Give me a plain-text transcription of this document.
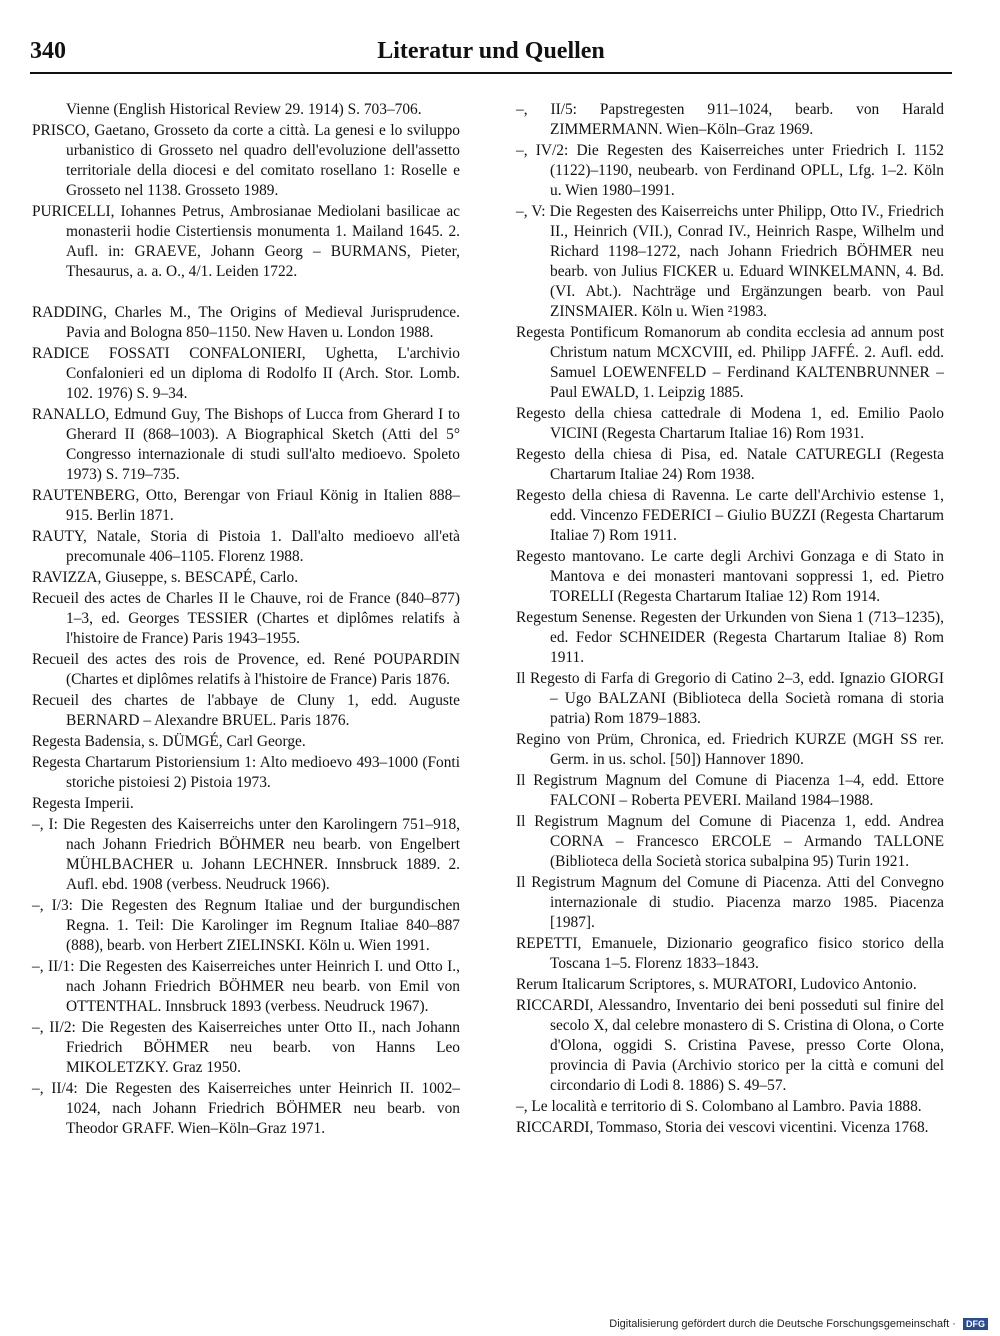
340	Literatur und Quellen
Vienne (English Historical Review 29. 1914) S. 703–706.
PRISCO, Gaetano, Grosseto da corte a città. La genesi e lo sviluppo urbanistico di Grosseto nel quadro dell'evoluzione dell'assetto territoriale della diocesi e del comitato rosellano 1: Roselle e Grosseto nel 1138. Grosseto 1989.
PURICELLI, Iohannes Petrus, Ambrosianae Mediolani basilicae ac monasterii hodie Cistertiensis monumenta 1. Mailand 1645. 2. Aufl. in: GRAEVE, Johann Georg – BURMANS, Pieter, Thesaurus, a. a. O., 4/1. Leiden 1722.
RADDING, Charles M., The Origins of Medieval Jurisprudence. Pavia and Bologna 850–1150. New Haven u. London 1988.
RADICE FOSSATI CONFALONIERI, Ughetta, L'archivio Confalonieri ed un diploma di Rodolfo II (Arch. Stor. Lomb. 102. 1976) S. 9–34.
RANALLO, Edmund Guy, The Bishops of Lucca from Gherard I to Gherard II (868–1003). A Biographical Sketch (Atti del 5° Congresso internazionale di studi sull'alto medioevo. Spoleto 1973) S. 719–735.
RAUTENBERG, Otto, Berengar von Friaul König in Italien 888–915. Berlin 1871.
RAUTY, Natale, Storia di Pistoia 1. Dall'alto medioevo all'età precomunale 406–1105. Florenz 1988.
RAVIZZA, Giuseppe, s. BESCAPÉ, Carlo.
Recueil des actes de Charles II le Chauve, roi de France (840–877) 1–3, ed. Georges TESSIER (Chartes et diplômes relatifs à l'histoire de France) Paris 1943–1955.
Recueil des actes des rois de Provence, ed. René POUPARDIN (Chartes et diplômes relatifs à l'histoire de France) Paris 1876.
Recueil des chartes de l'abbaye de Cluny 1, edd. Auguste BERNARD – Alexandre BRUEL. Paris 1876.
Regesta Badensia, s. DÜMGÉ, Carl George.
Regesta Chartarum Pistoriensium 1: Alto medioevo 493–1000 (Fonti storiche pistoiesi 2) Pistoia 1973.
Regesta Imperii.
–, I: Die Regesten des Kaiserreichs unter den Karolingern 751–918, nach Johann Friedrich BÖHMER neu bearb. von Engelbert MÜHLBACHER u. Johann LECHNER. Innsbruck 1889. 2. Aufl. ebd. 1908 (verbess. Neudruck 1966).
–, I/3: Die Regesten des Regnum Italiae und der burgundischen Regna. 1. Teil: Die Karolinger im Regnum Italiae 840–887 (888), bearb. von Herbert ZIELINSKI. Köln u. Wien 1991.
–, II/1: Die Regesten des Kaiserreiches unter Heinrich I. und Otto I., nach Johann Friedrich BÖHMER neu bearb. von Emil von OTTENTHAL. Innsbruck 1893 (verbess. Neudruck 1967).
–, II/2: Die Regesten des Kaiserreiches unter Otto II., nach Johann Friedrich BÖHMER neu bearb. von Hanns Leo MIKOLETZKY. Graz 1950.
–, II/4: Die Regesten des Kaiserreiches unter Heinrich II. 1002–1024, nach Johann Friedrich BÖHMER neu bearb. von Theodor GRAFF. Wien–Köln–Graz 1971.
–, II/5: Papstregesten 911–1024, bearb. von Harald ZIMMERMANN. Wien–Köln–Graz 1969.
–, IV/2: Die Regesten des Kaiserreiches unter Friedrich I. 1152 (1122)–1190, neubearb. von Ferdinand OPLL, Lfg. 1–2. Köln u. Wien 1980–1991.
–, V: Die Regesten des Kaiserreichs unter Philipp, Otto IV., Friedrich II., Heinrich (VII.), Conrad IV., Heinrich Raspe, Wilhelm und Richard 1198–1272, nach Johann Friedrich BÖHMER neu bearb. von Julius FICKER u. Eduard WINKELMANN, 4. Bd. (VI. Abt.). Nachträge und Ergänzungen bearb. von Paul ZINSMAIER. Köln u. Wien ²1983.
Regesta Pontificum Romanorum ab condita ecclesia ad annum post Christum natum MCXCVIII, ed. Philipp JAFFÉ. 2. Aufl. edd. Samuel LOEWENFELD – Ferdinand KALTENBRUNNER – Paul EWALD, 1. Leipzig 1885.
Regesto della chiesa cattedrale di Modena 1, ed. Emilio Paolo VICINI (Regesta Chartarum Italiae 16) Rom 1931.
Regesto della chiesa di Pisa, ed. Natale CATUREGLI (Regesta Chartarum Italiae 24) Rom 1938.
Regesto della chiesa di Ravenna. Le carte dell'Archivio estense 1, edd. Vincenzo FEDERICI – Giulio BUZZI (Regesta Chartarum Italiae 7) Rom 1911.
Regesto mantovano. Le carte degli Archivi Gonzaga e di Stato in Mantova e dei monasteri mantovani soppressi 1, ed. Pietro TORELLI (Regesta Chartarum Italiae 12) Rom 1914.
Regestum Senense. Regesten der Urkunden von Siena 1 (713–1235), ed. Fedor SCHNEIDER (Regesta Chartarum Italiae 8) Rom 1911.
Il Regesto di Farfa di Gregorio di Catino 2–3, edd. Ignazio GIORGI – Ugo BALZANI (Biblioteca della Società romana di storia patria) Rom 1879–1883.
Regino von Prüm, Chronica, ed. Friedrich KURZE (MGH SS rer. Germ. in us. schol. [50]) Hannover 1890.
Il Registrum Magnum del Comune di Piacenza 1–4, edd. Ettore FALCONI – Roberta PEVERI. Mailand 1984–1988.
Il Registrum Magnum del Comune di Piacenza 1, edd. Andrea CORNA – Francesco ERCOLE – Armando TALLONE (Biblioteca della Società storica subalpina 95) Turin 1921.
Il Registrum Magnum del Comune di Piacenza. Atti del Convegno internazionale di studio. Piacenza marzo 1985. Piacenza [1987].
REPETTI, Emanuele, Dizionario geografico fisico storico della Toscana 1–5. Florenz 1833–1843.
Rerum Italicarum Scriptores, s. MURATORI, Ludovico Antonio.
RICCARDI, Alessandro, Inventario dei beni posseduti sul finire del secolo X, dal celebre monastero di S. Cristina di Olona, o Corte d'Olona, oggidi S. Cristina Pavese, presso Corte Olona, provincia di Pavia (Archivio storico per la città e comuni del circondario di Lodi 8. 1886) S. 49–57.
–, Le località e territorio di S. Colombano al Lambro. Pavia 1888.
RICCARDI, Tommaso, Storia dei vescovi vicentini. Vicenza 1768.
Digitalisierung gefördert durch die Deutsche Forschungsgemeinschaft · DFG
